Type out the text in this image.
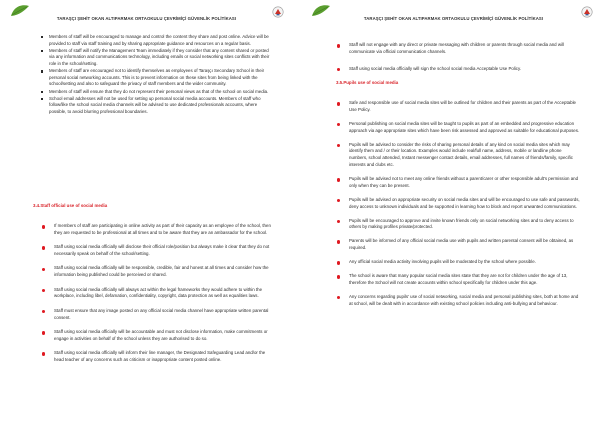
TARAŞÇI ŞEHİT OKAN ALTIPARMAK ORTAOKULU ÇEVRİMİÇİ GÜVENLİK POLİTİKASI
Members of staff will be encouraged to manage and control the content they share and post online. Advice will be provided to staff via staff training and by sharing appropriate guidance and resources on a regular basis.
Members of staff will notify the Management Team immediately if they consider that any content shared or posted via any information and communications technology, including emails or social networking sites conflicts with their role in the school/setting.
Members of staff are encouraged not to identify themselves as employees of Taraşçı Secondary School in their personal social networking accounts. This is to prevent information on these sites from being linked with the school/setting and also to safeguard the privacy of staff members and the wider community.
Members of staff will ensure that they do not represent their personal views as that of the school on social media.
School email addresses will not be used for setting up personal social media accounts. Members of staff who follow/like the school social media channels will be advised to use dedicated professionals accounts, where possible, to avoid blurring professional boundaries.
3.4.Staff official use of social media
If members of staff are participating in online activity as part of their capacity as an employee of the school, then they are requested to be professional at all times and to be aware that they are an ambassador for the school.
Staff using social media officially will disclose their official role/position but always make it clear that they do not necessarily speak on behalf of the school/setting.
Staff using social media officially will be responsible, credible, fair and honest at all times and consider how the information being published could be perceived or shared.
Staff using social media officially will always act within the legal frameworks they would adhere to within the workplace, including libel, defamation, confidentiality, copyright, data protection as well as equalities laws.
Staff must ensure that any image posted on any official social media channel have appropriate written parental consent.
Staff using social media officially will be accountable and must not disclose information, make commitments or engage in activities on behalf of the school unless they are authorised to do so.
Staff using social media officially will inform their line manager, the Designated Safeguarding Lead and/or the head teacher of any concerns such as criticism or inappropriate content posted online.
TARAŞÇI ŞEHİT OKAN ALTIPARMAK ORTAOKULU ÇEVRİMİÇİ GÜVENLİK POLİTİKASI
Staff will not engage with any direct or private messaging with children or parents through social media and will communicate via official communication channels.
Staff using social media officially will sign the school social media Acceptable Use Policy.
3.5.Pupils use of social media
Safe and responsible use of social media sites will be outlined for children and their parents as part of the Acceptable Use Policy.
Personal publishing on social media sites will be taught to pupils as part of an embedded and progressive education approach via age appropriate sites which have been risk assessed and approved as suitable for educational purposes.
Pupils will be advised to consider the risks of sharing personal details of any kind on social media sites which may identify them and / or their location. Examples would include real/full name, address, mobile or landline phone numbers, school attended, Instant messenger contact details, email addresses, full names of friends/family, specific interests and clubs etc.
Pupils will be advised not to meet any online friends without a parent/carer or other responsible adult's permission and only when they can be present.
Pupils will be advised on appropriate security on social media sites and will be encouraged to use safe and passwords, deny access to unknown individuals and be supported in learning how to block and report unwanted communications.
Pupils will be encouraged to approve and invite known friends only on social networking sites and to deny access to others by making profiles private/protected.
Parents will be informed of any official social media use with pupils and written parental consent will be obtained, as required.
Any official social media activity involving pupils will be moderated by the school where possible.
The school is aware that many popular social media sites state that they are not for children under the age of 13, therefore the School will not create accounts within school specifically for children under this age.
Any concerns regarding pupils' use of social networking, social media and personal publishing sites, both at home and at school, will be dealt with in accordance with existing school policies including anti-bullying and behaviour.
